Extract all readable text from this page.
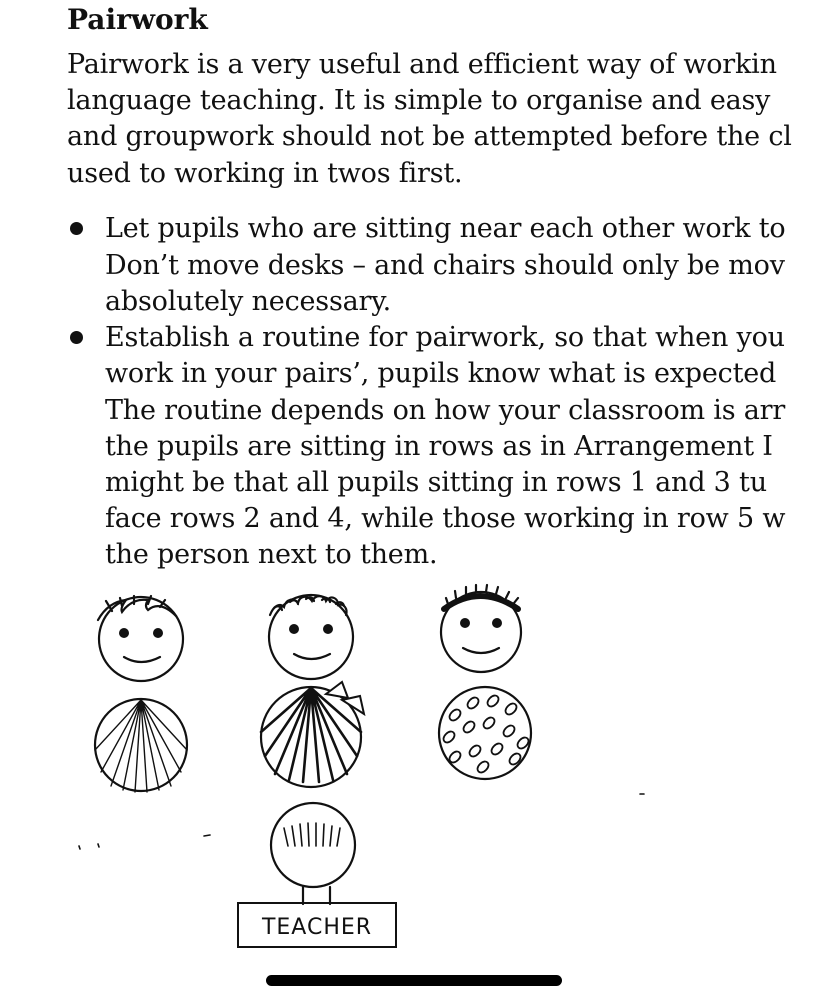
Pairwork
Pairwork is a very useful and efficient way of workin
language teaching. It is simple to organise and easy
and groupwork should not be attempted before the cl
used to working in twos first.
Let pupils who are sitting near each other work to
Don’t move desks – and chairs should only be mov
absolutely necessary.
Establish a routine for pairwork, so that when you
work in your pairs’, pupils know what is expected
The routine depends on how your classroom is arr
the pupils are sitting in rows as in Arrangement I
might be that all pupils sitting in rows 1 and 3 tu
face rows 2 and 4, while those working in row 5 w
the person next to them.
TEACHER
